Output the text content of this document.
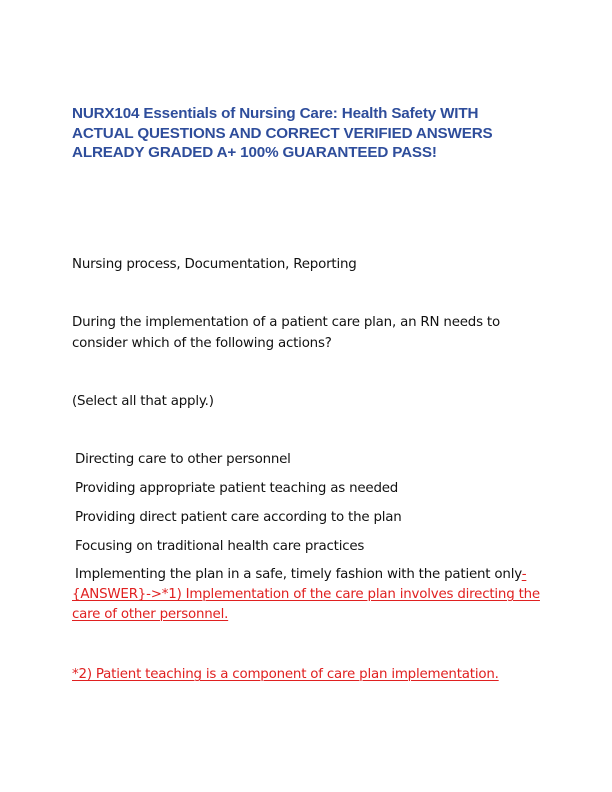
NURX104 Essentials of Nursing Care: Health Safety WITH ACTUAL QUESTIONS AND CORRECT VERIFIED ANSWERS ALREADY GRADED A+ 100% GUARANTEED PASS!

Nursing process, Documentation, Reporting

During the implementation of a patient care plan, an RN needs to consider which of the following actions?

(Select all that apply.)

Directing care to other personnel
Providing appropriate patient teaching as needed
Providing direct patient care according to the plan
Focusing on traditional health care practices

Implementing the plan in a safe, timely fashion with the patient only- {ANSWER}->*1) Implementation of the care plan involves directing the care of other personnel.

*2) Patient teaching is a component of care plan implementation.
